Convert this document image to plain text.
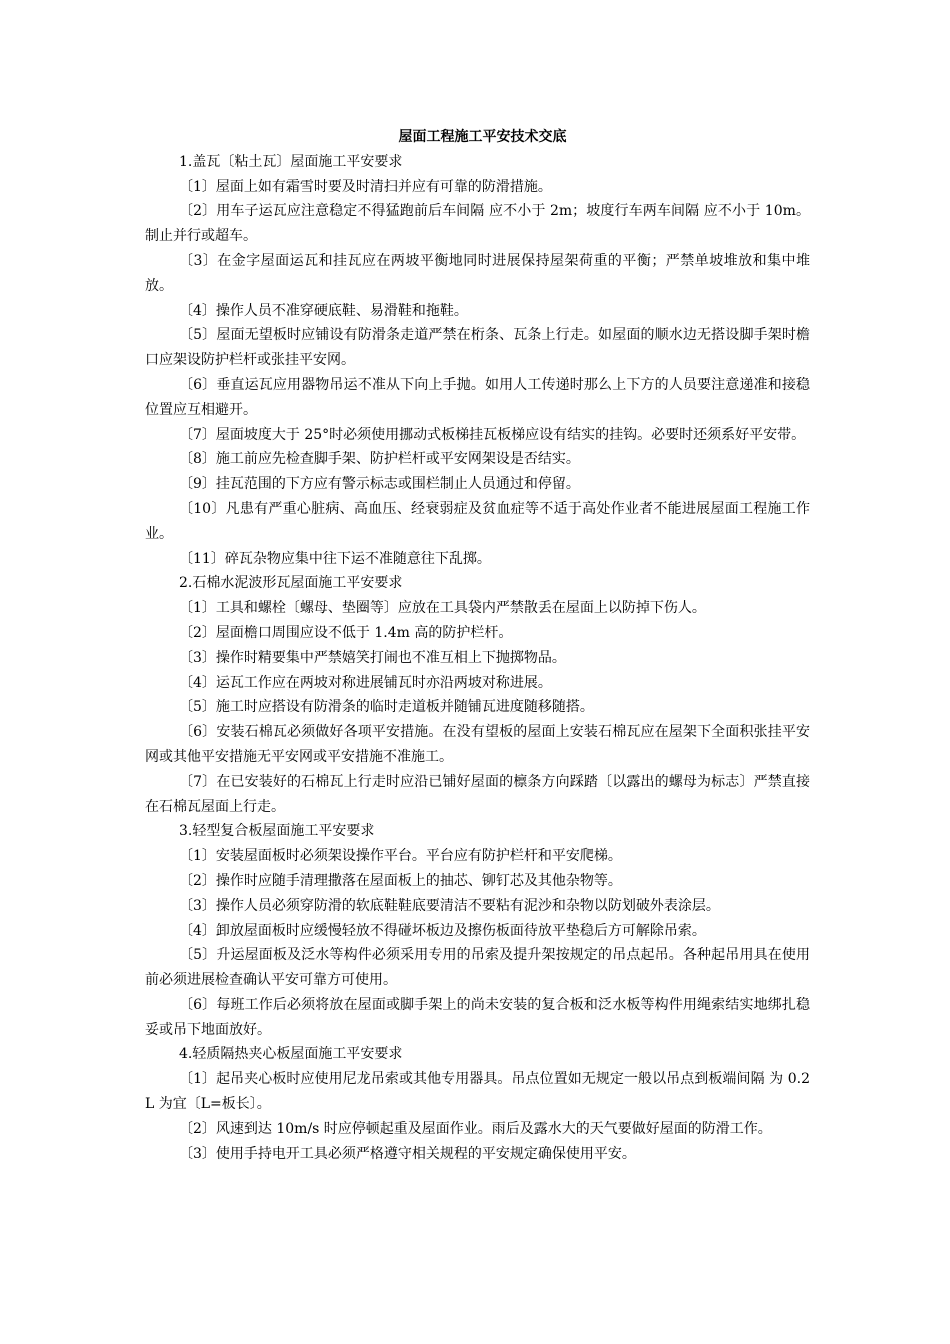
屋面工程施工平安技术交底

1.盖瓦〔粘土瓦〕屋面施工平安要求

〔1〕屋面上如有霜雪时要及时清扫并应有可靠的防滑措施。

〔2〕用车子运瓦应注意稳定不得猛跑前后车间隔 应不小于 2m；坡度行车两车间隔 应不小于 10m。制止并行或超车。

〔3〕在金字屋面运瓦和挂瓦应在两坡平衡地同时进展保持屋架荷重的平衡；严禁单坡堆放和集中堆放。

〔4〕操作人员不准穿硬底鞋、易滑鞋和拖鞋。

〔5〕屋面无望板时应铺设有防滑条走道严禁在桁条、瓦条上行走。如屋面的顺水边无搭设脚手架时檐口应架设防护栏杆或张挂平安网。

〔6〕垂直运瓦应用器物吊运不准从下向上手抛。如用人工传递时那么上下方的人员要注意递准和接稳位置应互相避开。

〔7〕屋面坡度大于 25°时必须使用挪动式板梯挂瓦板梯应设有结实的挂钩。必要时还须系好平安带。

〔8〕施工前应先检查脚手架、防护栏杆或平安网架设是否结实。

〔9〕挂瓦范围的下方应有警示标志或围栏制止人员通过和停留。

〔10〕凡患有严重心脏病、高血压、经衰弱症及贫血症等不适于高处作业者不能进展屋面工程施工作业。

〔11〕碎瓦杂物应集中往下运不准随意往下乱掷。

2.石棉水泥波形瓦屋面施工平安要求

〔1〕工具和螺栓〔螺母、垫圈等〕应放在工具袋内严禁散丢在屋面上以防掉下伤人。

〔2〕屋面檐口周围应设不低于 1.4m 高的防护栏杆。

〔3〕操作时精要集中严禁嬉笑打闹也不准互相上下抛掷物品。

〔4〕运瓦工作应在两坡对称进展铺瓦时亦沿两坡对称进展。

〔5〕施工时应搭设有防滑条的临时走道板并随铺瓦进度随移随搭。

〔6〕安装石棉瓦必须做好各项平安措施。在没有望板的屋面上安装石棉瓦应在屋架下全面积张挂平安网或其他平安措施无平安网或平安措施不准施工。

〔7〕在已安装好的石棉瓦上行走时应沿已铺好屋面的檩条方向踩踏〔以露出的螺母为标志〕严禁直接在石棉瓦屋面上行走。

3.轻型复合板屋面施工平安要求

〔1〕安装屋面板时必须架设操作平台。平台应有防护栏杆和平安爬梯。

〔2〕操作时应随手清理撒落在屋面板上的抽芯、铆钉芯及其他杂物等。

〔3〕操作人员必须穿防滑的软底鞋鞋底要清洁不要粘有泥沙和杂物以防划破外表涂层。

〔4〕卸放屋面板时应缓慢轻放不得碰坏板边及擦伤板面待放平垫稳后方可解除吊索。

〔5〕升运屋面板及泛水等构件必须采用专用的吊索及提升架按规定的吊点起吊。各种起吊用具在使用前必须进展检查确认平安可靠方可使用。

〔6〕每班工作后必须将放在屋面或脚手架上的尚未安装的复合板和泛水板等构件用绳索结实地绑扎稳妥或吊下地面放好。

4.轻质隔热夹心板屋面施工平安要求

〔1〕起吊夹心板时应使用尼龙吊索或其他专用器具。吊点位置如无规定一般以吊点到板端间隔 为 0.2L 为宜〔L=板长〕。

〔2〕风速到达 10m/s 时应停顿起重及屋面作业。雨后及露水大的天气要做好屋面的防滑工作。

〔3〕使用手持电开工具必须严格遵守相关规程的平安规定确保使用平安。
